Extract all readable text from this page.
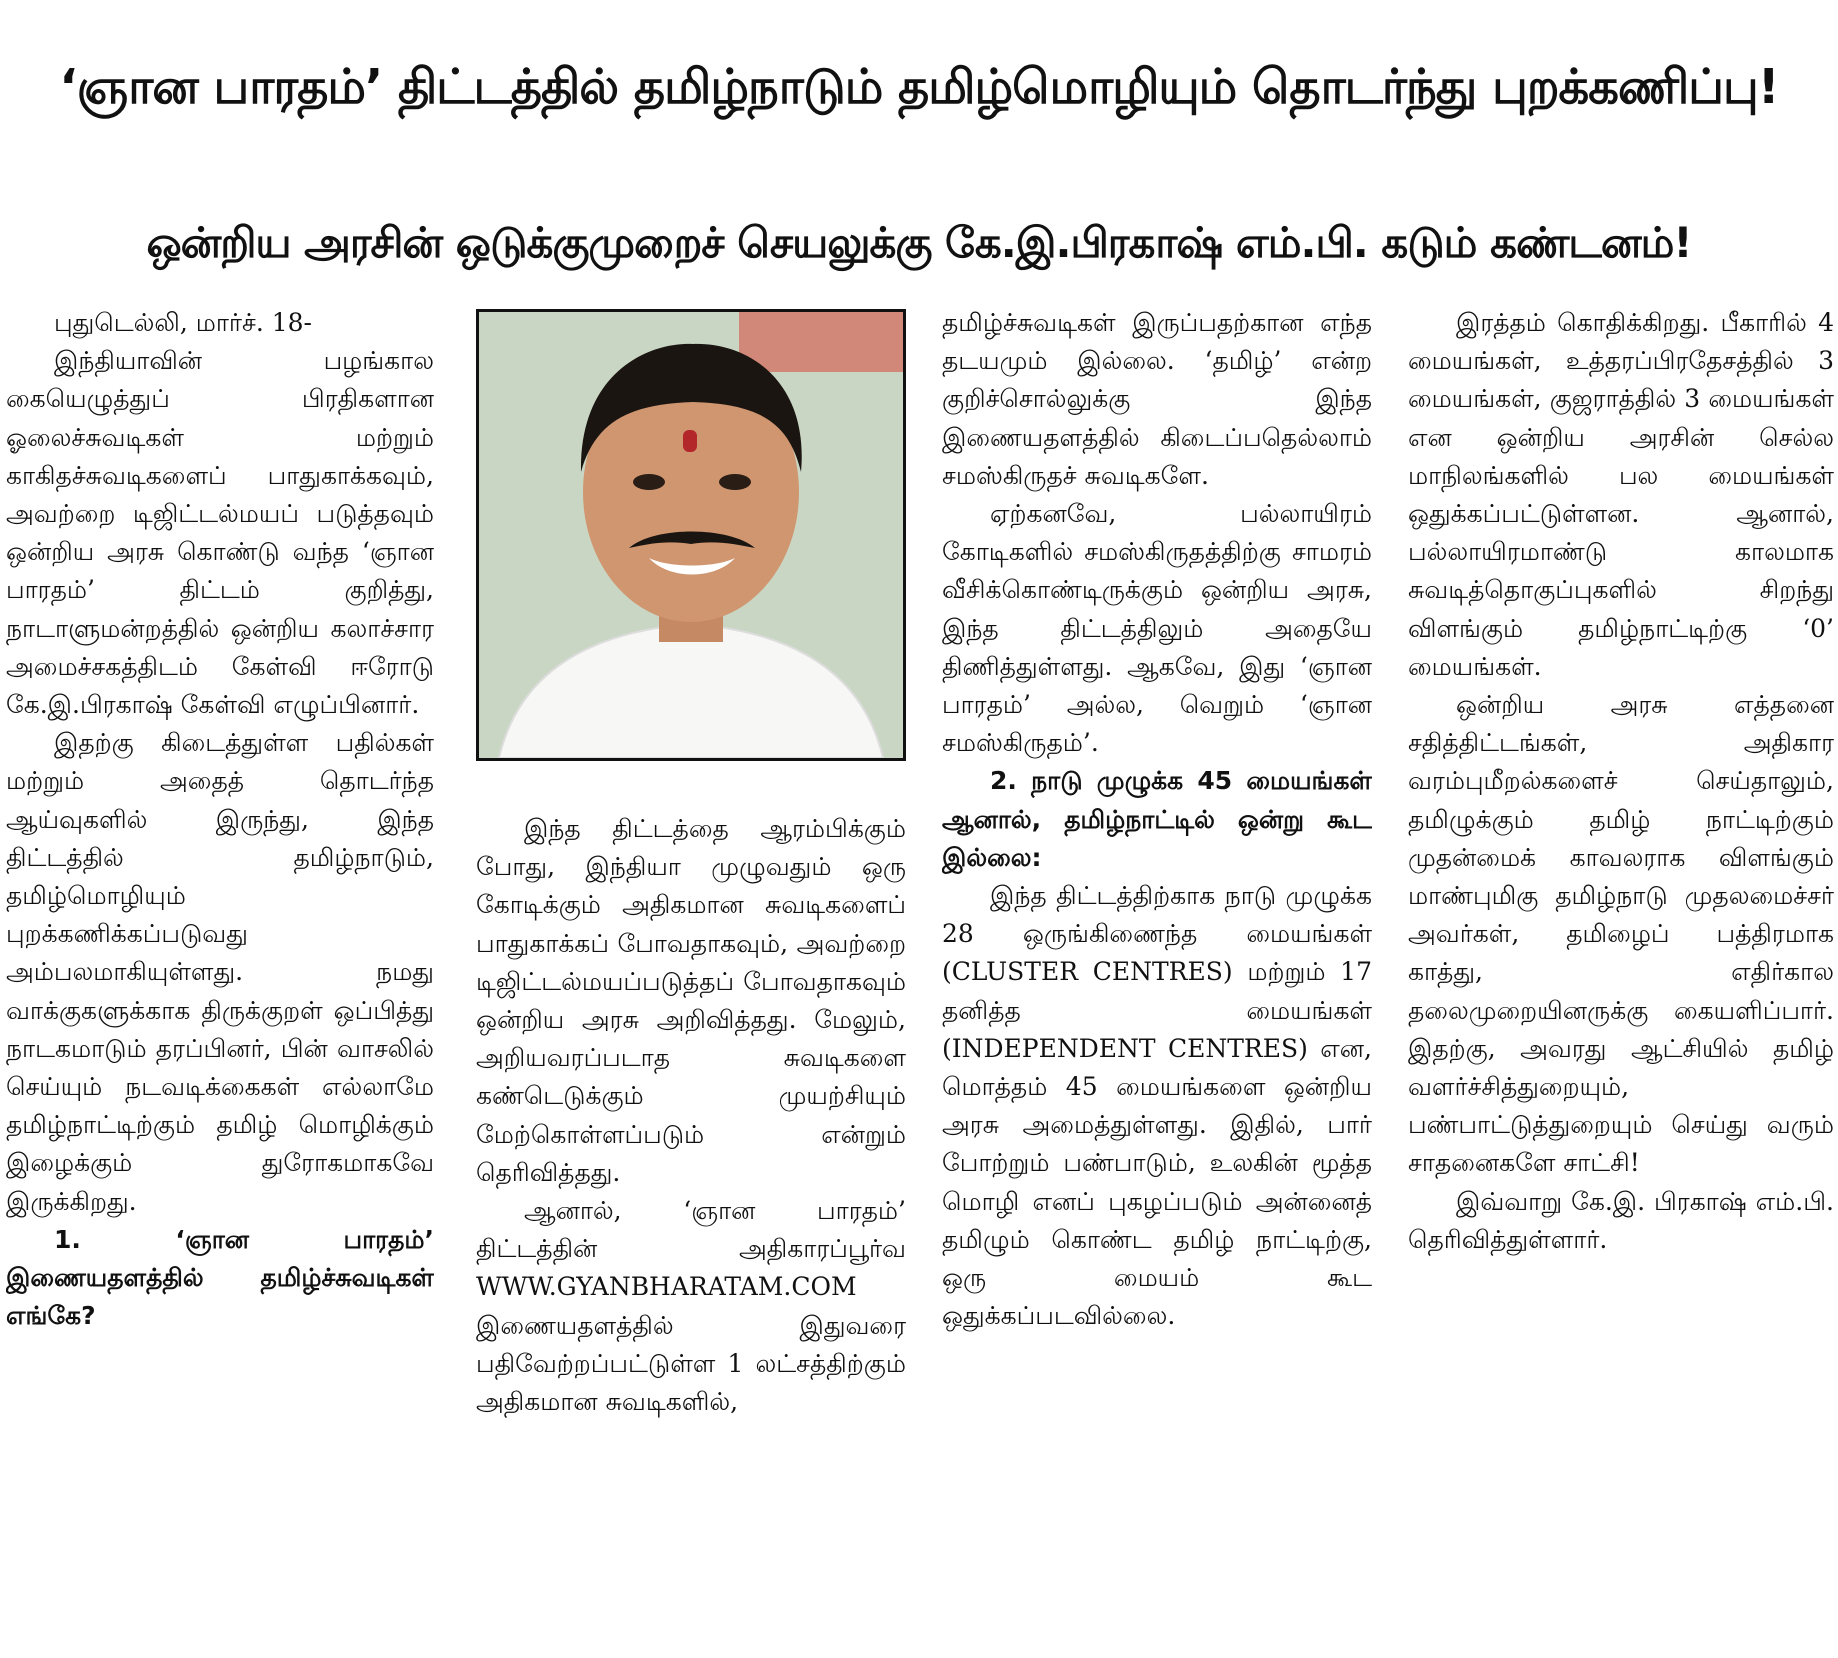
‘ஞான பாரதம்’ திட்டத்தில் தமிழ்நாடும் தமிழ்மொழியும் தொடர்ந்து புறக்கணிப்பு!
ஒன்றிய அரசின் ஒடுக்குமுறைச் செயலுக்கு கே.இ.பிரகாஷ் எம்.பி. கடும் கண்டனம்!

புதுடெல்லி, மார்ச். 18-

இந்தியாவின் பழங்கால கையெழுத்துப் பிரதிகளான ஓலைச்சுவடிகள் மற்றும் காகிதச்சுவடிகளைப் பாதுகாக்கவும், அவற்றை டிஜிட்டல்மயப் படுத்தவும் ஒன்றிய அரசு கொண்டு வந்த ‘ஞான பாரதம்’ திட்டம் குறித்து, நாடாளுமன்றத்தில் ஒன்றிய கலாச்சார அமைச்சகத்திடம் கேள்வி ஈரோடு கே.இ.பிரகாஷ் கேள்வி எழுப்பினார்.

இதற்கு கிடைத்துள்ள பதில்கள் மற்றும் அதைத் தொடர்ந்த ஆய்வுகளில் இருந்து, இந்த திட்டத்தில் தமிழ்நாடும், தமிழ்மொழியும் புறக்கணிக்கப்படுவது அம்பலமாகியுள்ளது. நமது வாக்குகளுக்காக திருக்குறள் ஒப்பித்து நாடகமாடும் தரப்பினர், பின் வாசலில் செய்யும் நடவடிக்கைகள் எல்லாமே தமிழ்நாட்டிற்கும் தமிழ் மொழிக்கும் இழைக்கும் துரோகமாகவே இருக்கிறது.

1. ‘ஞான பாரதம்’ இணையதளத்தில் தமிழ்ச்சுவடிகள் எங்கே?

இந்த திட்டத்தை ஆரம்பிக்கும் போது, இந்தியா முழுவதும் ஒரு கோடிக்கும் அதிகமான சுவடிகளைப் பாதுகாக்கப் போவதாகவும், அவற்றை டிஜிட்டல்மயப்படுத்தப் போவதாகவும் ஒன்றிய அரசு அறிவித்தது. மேலும், அறியவரப்படாத சுவடிகளை கண்டெடுக்கும் முயற்சியும் மேற்கொள்ளப்படும் என்றும் தெரிவித்தது.

ஆனால், ‘ஞான பாரதம்’ திட்டத்தின் அதிகாரப்பூர்வ WWW.GYANBHARATAM.COM இணையதளத்தில் இதுவரை பதிவேற்றப்பட்டுள்ள 1 லட்சத்திற்கும் அதிகமான சுவடிகளில்,

தமிழ்ச்சுவடிகள் இருப்பதற்கான எந்த தடயமும் இல்லை. ‘தமிழ்’ என்ற குறிச்சொல்லுக்கு இந்த இணையதளத்தில் கிடைப்பதெல்லாம் சமஸ்கிருதச் சுவடிகளே.

ஏற்கனவே, பல்லாயிரம் கோடிகளில் சமஸ்கிருதத்திற்கு சாமரம் வீசிக்கொண்டிருக்கும் ஒன்றிய அரசு, இந்த திட்டத்திலும் அதையே திணித்துள்ளது. ஆகவே, இது ‘ஞான பாரதம்’ அல்ல, வெறும் ‘ஞான சமஸ்கிருதம்’.

2. நாடு முழுக்க 45 மையங்கள் ஆனால், தமிழ்நாட்டில் ஒன்று கூட இல்லை:

இந்த திட்டத்திற்காக நாடு முழுக்க 28 ஒருங்கிணைந்த மையங்கள் (CLUSTER CENTRES) மற்றும் 17 தனித்த மையங்கள் (INDEPENDENT CENTRES) என, மொத்தம் 45 மையங்களை ஒன்றிய அரசு அமைத்துள்ளது. இதில், பார் போற்றும் பண்பாடும், உலகின் மூத்த மொழி எனப் புகழப்படும் அன்னைத் தமிழும் கொண்ட தமிழ் நாட்டிற்கு, ஒரு மையம் கூட ஒதுக்கப்படவில்லை.

இரத்தம் கொதிக்கிறது. பீகாரில் 4 மையங்கள், உத்தரப்பிரதேசத்தில் 3 மையங்கள், குஜராத்தில் 3 மையங்கள் என ஒன்றிய அரசின் செல்ல மாநிலங்களில் பல மையங்கள் ஒதுக்கப்பட்டுள்ளன. ஆனால், பல்லாயிரமாண்டு காலமாக சுவடித்தொகுப்புகளில் சிறந்து விளங்கும் தமிழ்நாட்டிற்கு ‘0’ மையங்கள்.

ஒன்றிய அரசு எத்தனை சதித்திட்டங்கள், அதிகார வரம்புமீறல்களைச் செய்தாலும், தமிழுக்கும் தமிழ் நாட்டிற்கும் முதன்மைக் காவலராக விளங்கும் மாண்புமிகு தமிழ்நாடு முதலமைச்சர் அவர்கள், தமிழைப் பத்திரமாக காத்து, எதிர்கால தலைமுறையினருக்கு கையளிப்பார். இதற்கு, அவரது ஆட்சியில் தமிழ் வளர்ச்சித்துறையும், பண்பாட்டுத்துறையும் செய்து வரும் சாதனைகளே சாட்சி!

இவ்வாறு கே.இ. பிரகாஷ் எம்.பி. தெரிவித்துள்ளார்.
